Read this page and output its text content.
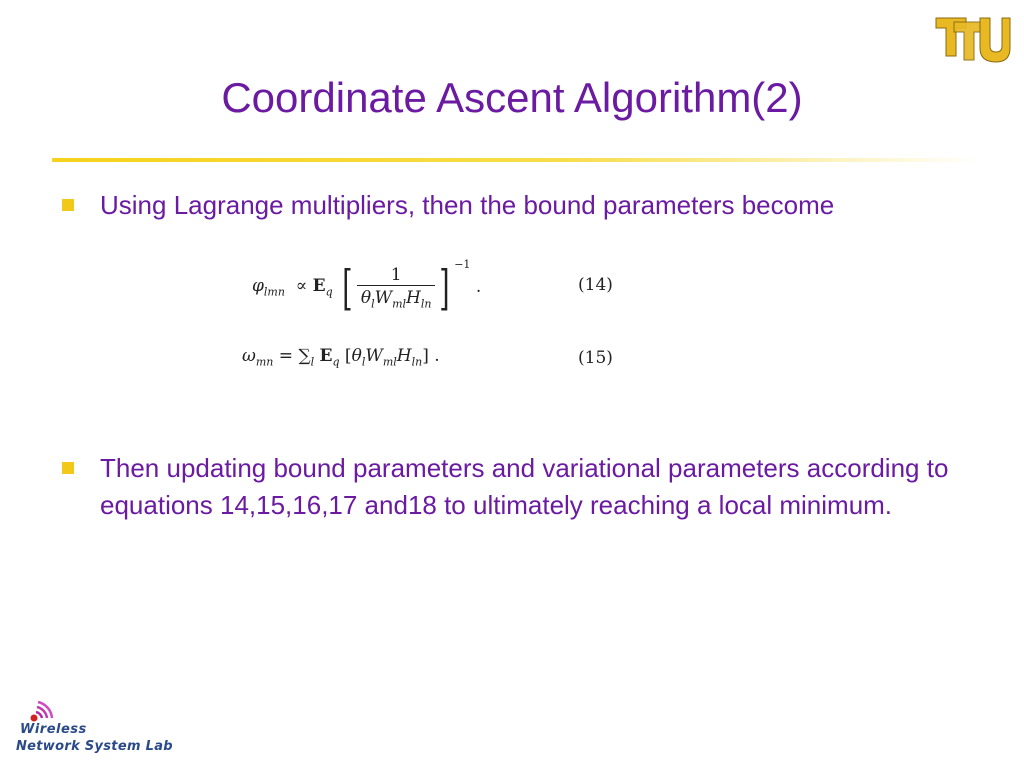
Coordinate Ascent Algorithm(2)
Using Lagrange multipliers, then the bound parameters become
$\varphi_{lmn} \propto E_q$ [ $\frac{1}{\theta_lW_{ml}H_{ln}}$ ] $^{-1}$ .	(14)
$\omega_{mn} = \sum_l$ $E_q$ $[\theta_lW_{ml}H_{ln}]$ .	(15)
Then updating bound parameters and variational parameters according to equations 14,15,16,17 and18 to ultimately reaching a local minimum.
Wireless
Network System Lab
